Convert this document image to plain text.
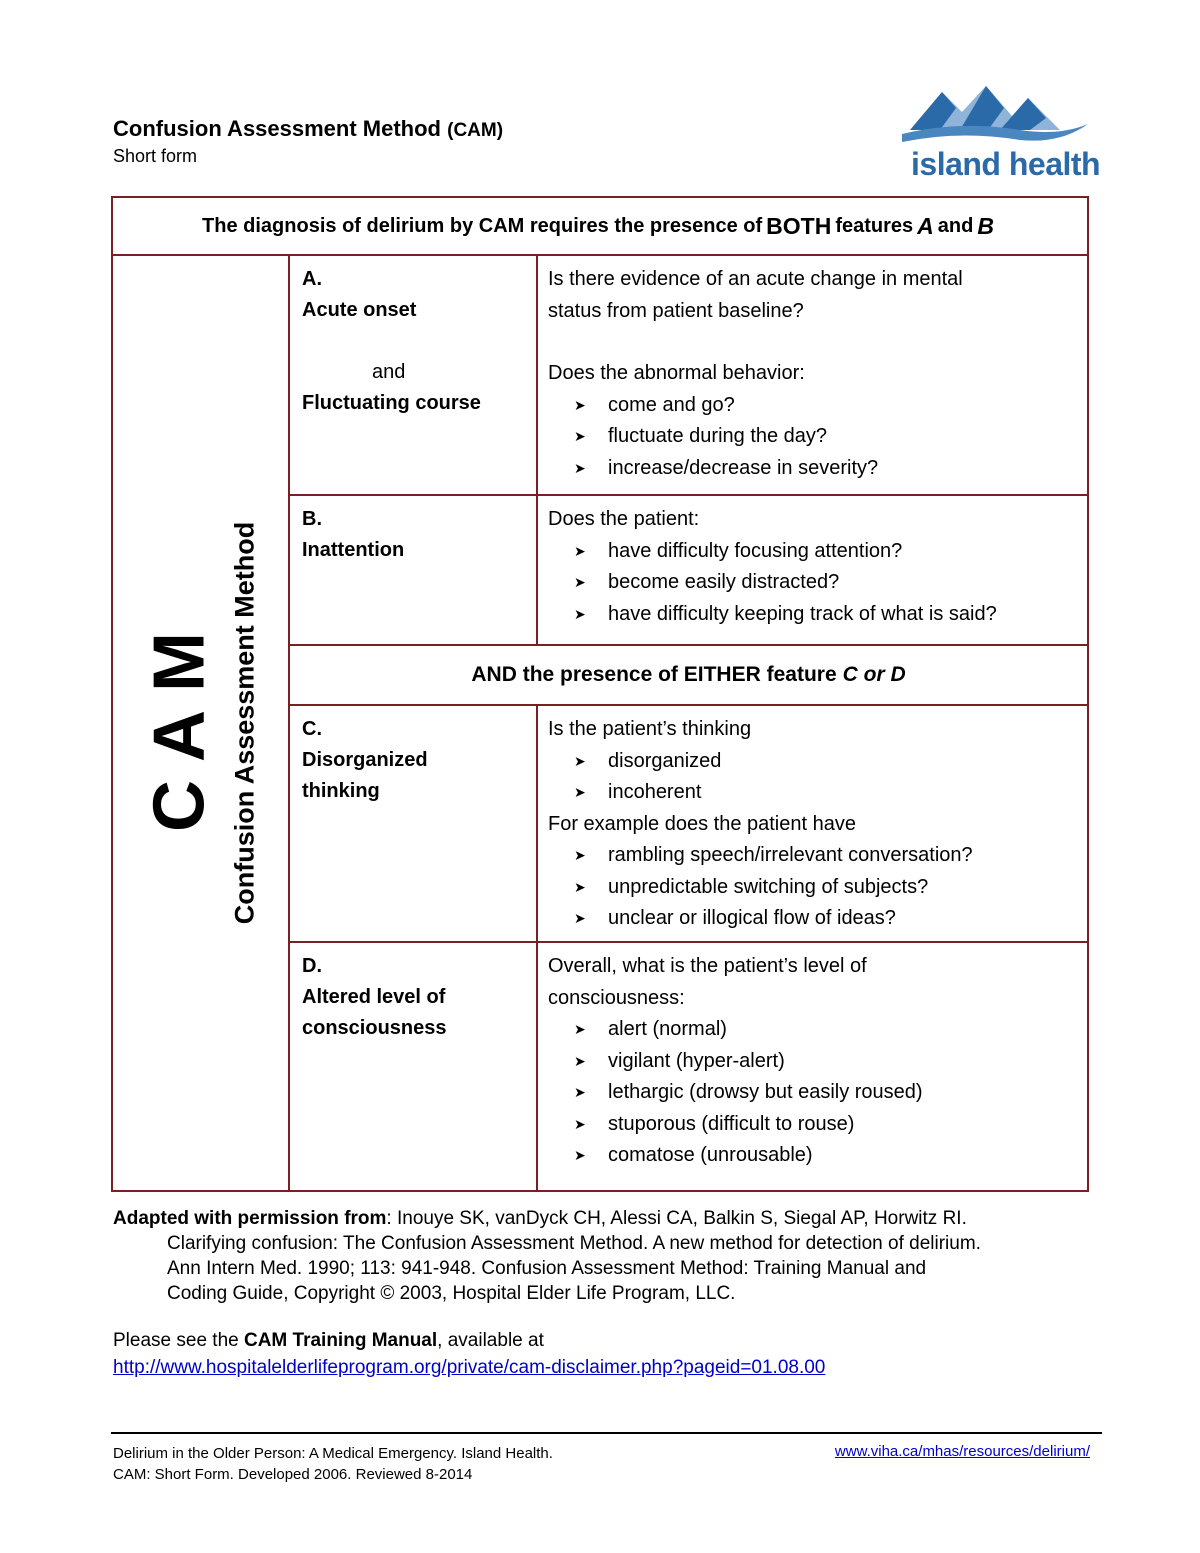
Confusion Assessment Method (CAM)
Short form	island health
The diagnosis of delirium by CAM requires the presence of BOTH features A and B
CAM Confusion Assessment Method
A.
Acute onset
and
Fluctuating course
Is there evidence of an acute change in mental
status from patient baseline?
Does the abnormal behavior:
➤ come and go?
➤ fluctuate during the day?
➤ increase/decrease in severity?
B.
Inattention
Does the patient:
➤ have difficulty focusing attention?
➤ become easily distracted?
➤ have difficulty keeping track of what is said?
AND the presence of EITHER feature C or D
C.
Disorganized
thinking
Is the patient’s thinking
➤ disorganized
➤ incoherent
For example does the patient have
➤ rambling speech/irrelevant conversation?
➤ unpredictable switching of subjects?
➤ unclear or illogical flow of ideas?
D.
Altered level of
consciousness
Overall, what is the patient’s level of
consciousness:
➤ alert (normal)
➤ vigilant (hyper-alert)
➤ lethargic (drowsy but easily roused)
➤ stuporous (difficult to rouse)
➤ comatose (unrousable)
Adapted with permission from: Inouye SK, vanDyck CH, Alessi CA, Balkin S, Siegal AP, Horwitz RI.
Clarifying confusion: The Confusion Assessment Method. A new method for detection of delirium.
Ann Intern Med. 1990; 113: 941-948. Confusion Assessment Method: Training Manual and
Coding Guide, Copyright © 2003, Hospital Elder Life Program, LLC.
Please see the CAM Training Manual, available at
http://www.hospitalelderlifeprogram.org/private/cam-disclaimer.php?pageid=01.08.00
Delirium in the Older Person: A Medical Emergency. Island Health.
CAM: Short Form. Developed 2006. Reviewed 8-2014
www.viha.ca/mhas/resources/delirium/
